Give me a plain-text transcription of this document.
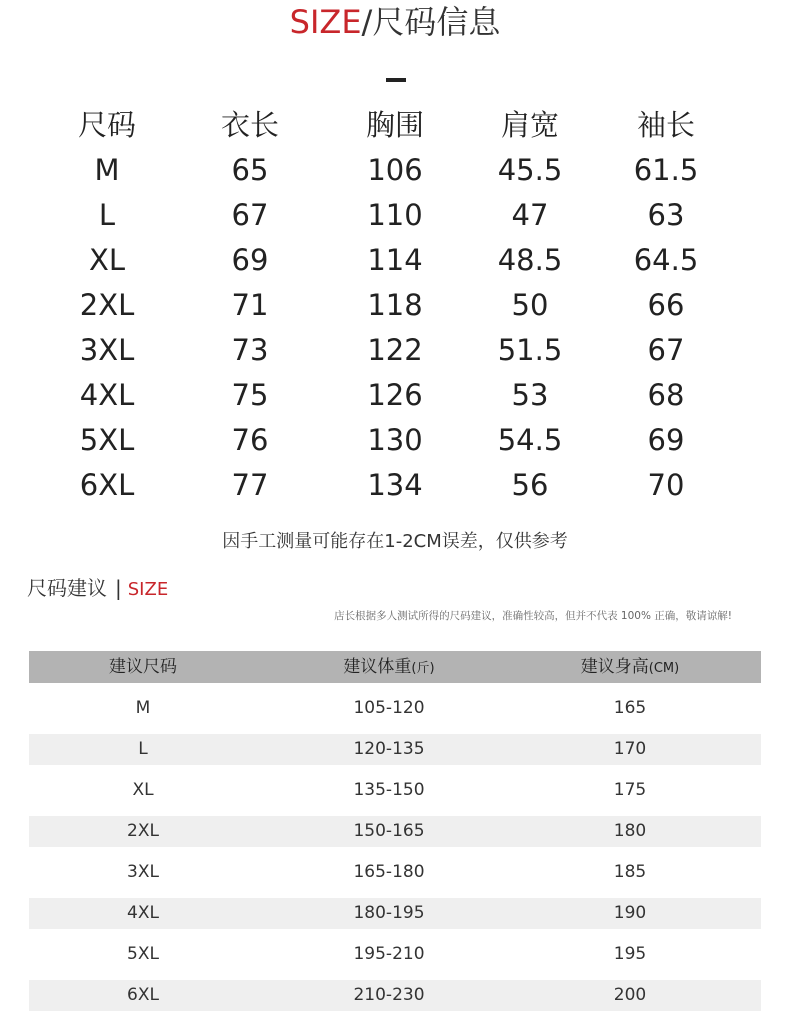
SIZE/尺码信息
尺码	衣长	胸围	肩宽	袖长
M	65	106	45.5	61.5
L	67	110	47	63
XL	69	114	48.5	64.5
2XL	71	118	50	66
3XL	73	122	51.5	67
4XL	75	126	53	68
5XL	76	130	54.5	69
6XL	77	134	56	70
因手工测量可能存在1-2CM误差，仅供参考
尺码建议 | SIZE
店长根据多人测试所得的尺码建议，准确性较高，但并不代表 100% 正确，敬请谅解!
建议尺码	建议体重(斤)	建议身高(CM)
M	105-120	165
L	120-135	170
XL	135-150	175
2XL	150-165	180
3XL	165-180	185
4XL	180-195	190
5XL	195-210	195
6XL	210-230	200
